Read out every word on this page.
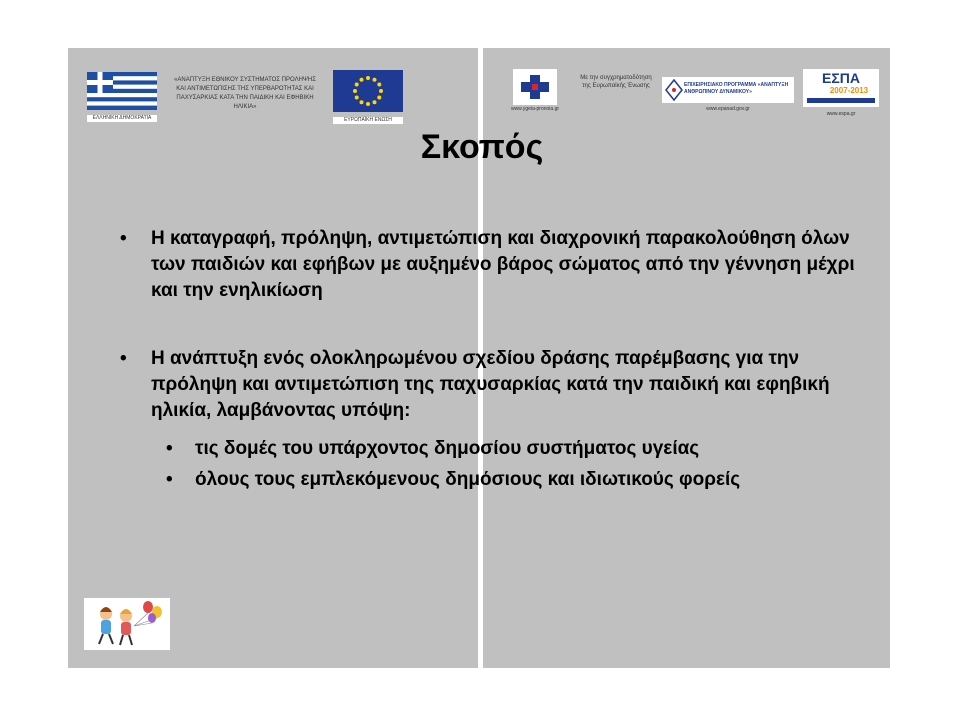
ΕΛΛΗΝΙΚΗ ΔΗΜΟΚΡΑΤΙΑ
«ΑΝΑΠΤΥΞΗ ΕΘΝΙΚΟΥ ΣΥΣΤΗΜΑΤΟΣ ΠΡΟΛΗΨΗΣ ΚΑΙ ΑΝΤΙΜΕΤΩΠΙΣΗΣ ΤΗΣ ΥΠΕΡΒΑΡΟΤΗΤΑΣ ΚΑΙ ΠΑΧΥΣΑΡΚΙΑΣ ΚΑΤΑ ΤΗΝ ΠΑΙΔΙΚΗ ΚΑΙ ΕΦΗΒΙΚΗ ΗΛΙΚΙΑ»
ΕΥΡΩΠΑΪΚΗ ΕΝΩΣΗ
www.ygeia-pronoia.gr
Με την συγχρηματοδότηση της Ευρωπαϊκής Ένωσης	ΕΠΙΧΕΙΡΗΣΙΑΚΟ ΠΡΟΓΡΑΜΜΑ «ΑΝΑΠΤΥΞΗ ΑΝΘΡΩΠΙΝΟΥ ΔΥΝΑΜΙΚΟΥ»
www.epanad.gov.gr
ΕΣΠΑ
2007-2013
www.espa.gr
Σκοπός
• Η καταγραφή, πρόληψη, αντιμετώπιση και διαχρονική παρακολούθηση όλων των παιδιών και εφήβων με αυξημένο βάρος σώματος από την γέννηση μέχρι και την ενηλικίωση
• Η ανάπτυξη ενός ολοκληρωμένου σχεδίου δράσης παρέμβασης για την πρόληψη και αντιμετώπιση της παχυσαρκίας κατά την παιδική και εφηβική ηλικία, λαμβάνοντας υπόψη:
• τις δομές του υπάρχοντος δημοσίου συστήματος υγείας
• όλους τους εμπλεκόμενους δημόσιους και ιδιωτικούς φορείς
